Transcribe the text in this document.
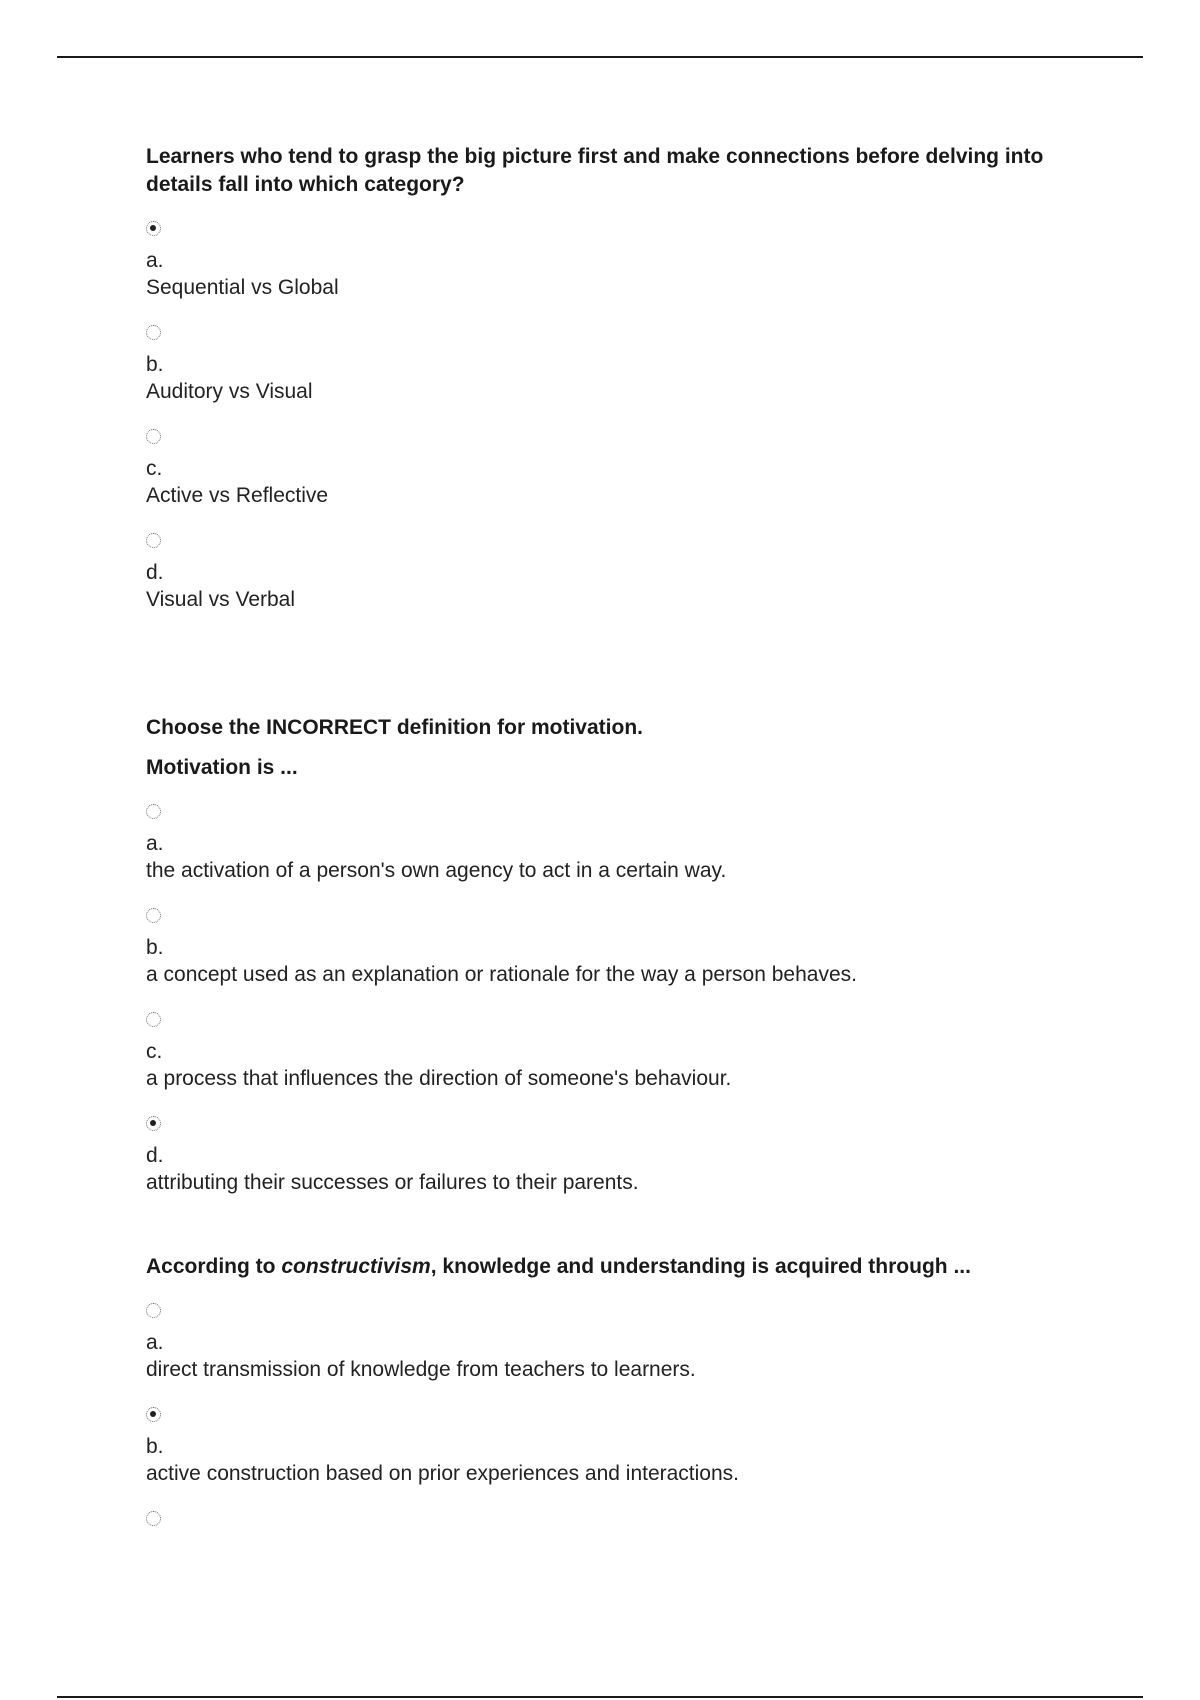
Learners who tend to grasp the big picture first and make connections before delving into details fall into which category?

a.
Sequential vs Global
b.
Auditory vs Visual
c.
Active vs Reflective
d.
Visual vs Verbal

Choose the INCORRECT definition for motivation.

Motivation is ...

a.
the activation of a person's own agency to act in a certain way.
b.
a concept used as an explanation or rationale for the way a person behaves.
c.
a process that influences the direction of someone's behaviour.
d.
attributing their successes or failures to their parents.

According to constructivism, knowledge and understanding is acquired through ...

a.
direct transmission of knowledge from teachers to learners.
b.
active construction based on prior experiences and interactions.
